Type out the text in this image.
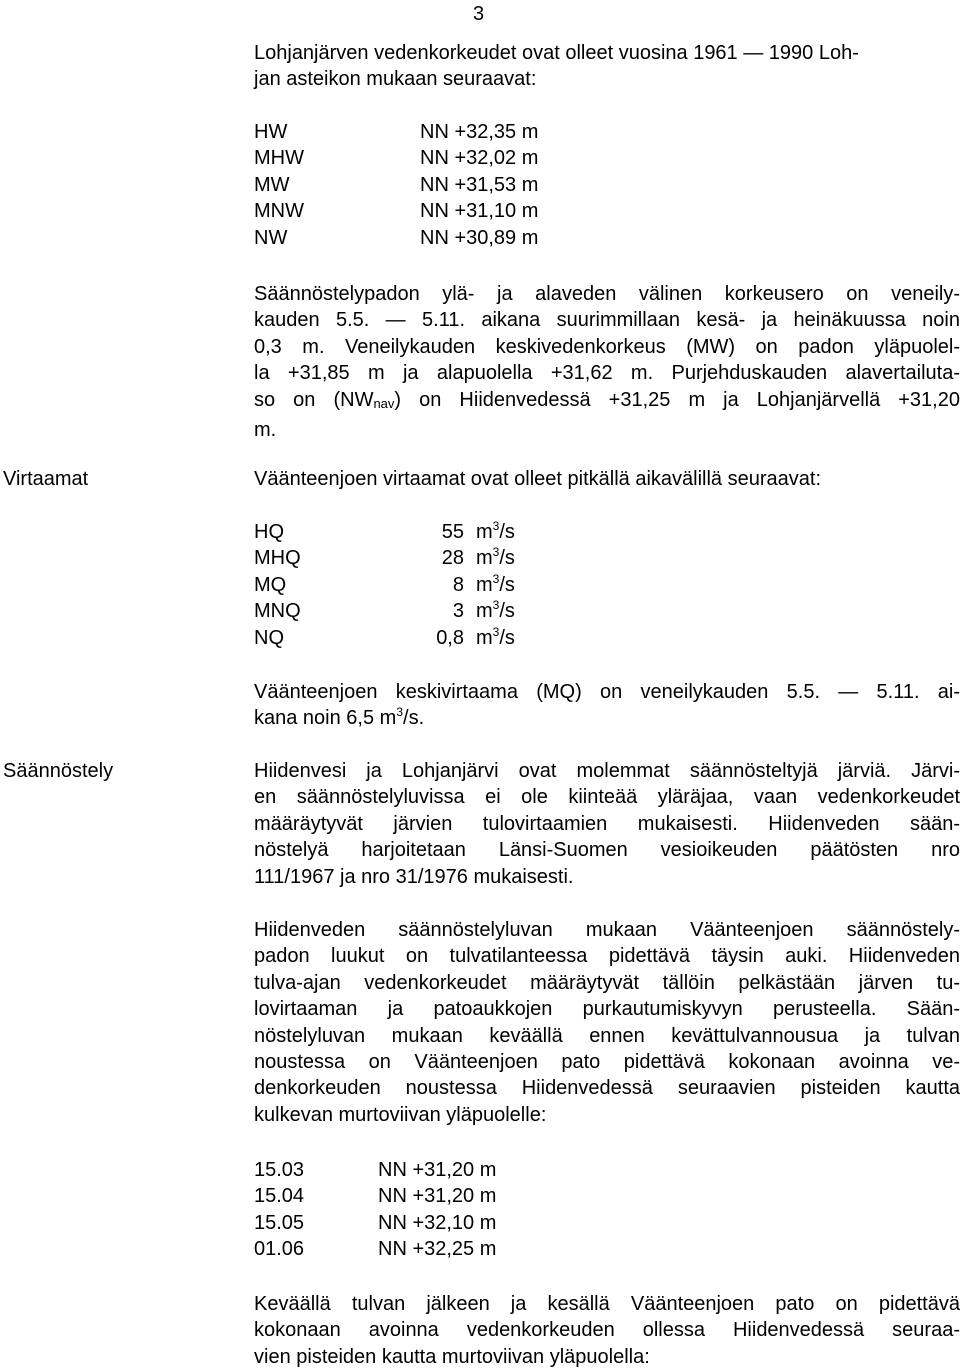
3
Lohjanjärven vedenkorkeudet ovat olleet vuosina 1961 — 1990 Loh-
jan asteikon mukaan seuraavat:
HW	NN +32,35 m
MHW	NN +32,02 m
MW	NN +31,53 m
MNW	NN +31,10 m
NW	NN +30,89 m
Säännöstelypadon ylä- ja alaveden välinen korkeusero on veneily-
kauden 5.5. — 5.11. aikana suurimmillaan kesä- ja heinäkuussa noin
0,3 m. Veneilykauden keskivedenkorkeus (MW) on padon yläpuolel-
la +31,85 m ja alapuolella +31,62 m. Purjehduskauden alavertailuta-
so on (NWnav) on Hiidenvedessä +31,25 m ja Lohjanjärvellä +31,20
m.
Virtaamat	Väänteenjoen virtaamat ovat olleet pitkällä aikavälillä seuraavat:
HQ	55	$m^3/s$
MHQ	28	$m^3/s$
MQ	8	$m^3/s$
MNQ	3	$m^3/s$
NQ	0,8	$m^3/s$
Väänteenjoen keskivirtaama (MQ) on veneilykauden 5.5. — 5.11. ai-
kana noin 6,5 $m^3/s$.
Säännöstely	Hiidenvesi ja Lohjanjärvi ovat molemmat säännösteltyjä järviä. Järvi-
en säännöstelyluvissa ei ole kiinteää yläräjaa, vaan vedenkorkeudet
määräytyvät järvien tulovirtaamien mukaisesti. Hiidenveden sään-
nöstelyä harjoitetaan Länsi-Suomen vesioikeuden päätösten nro
111/1967 ja nro 31/1976 mukaisesti.
Hiidenveden säännöstelyluvan mukaan Väänteenjoen säännöstely-
padon luukut on tulvatilanteessa pidettävä täysin auki. Hiidenveden
tulva-ajan vedenkorkeudet määräytyvät tällöin pelkästään järven tu-
lovirtaaman ja patoaukkojen purkautumiskyvyn perusteella. Sään-
nöstelyluvan mukaan keväällä ennen kevättulvannousua ja tulvan
noustessa on Väänteenjoen pato pidettävä kokonaan avoinna ve-
denkorkeuden noustessa Hiidenvedessä seuraavien pisteiden kautta
kulkevan murtoviivan yläpuolelle:
15.03	NN +31,20 m
15.04	NN +31,20 m
15.05	NN +32,10 m
01.06	NN +32,25 m
Keväällä tulvan jälkeen ja kesällä Väänteenjoen pato on pidettävä
kokonaan avoinna vedenkorkeuden ollessa Hiidenvedessä seuraa-
vien pisteiden kautta murtoviivan yläpuolella:
